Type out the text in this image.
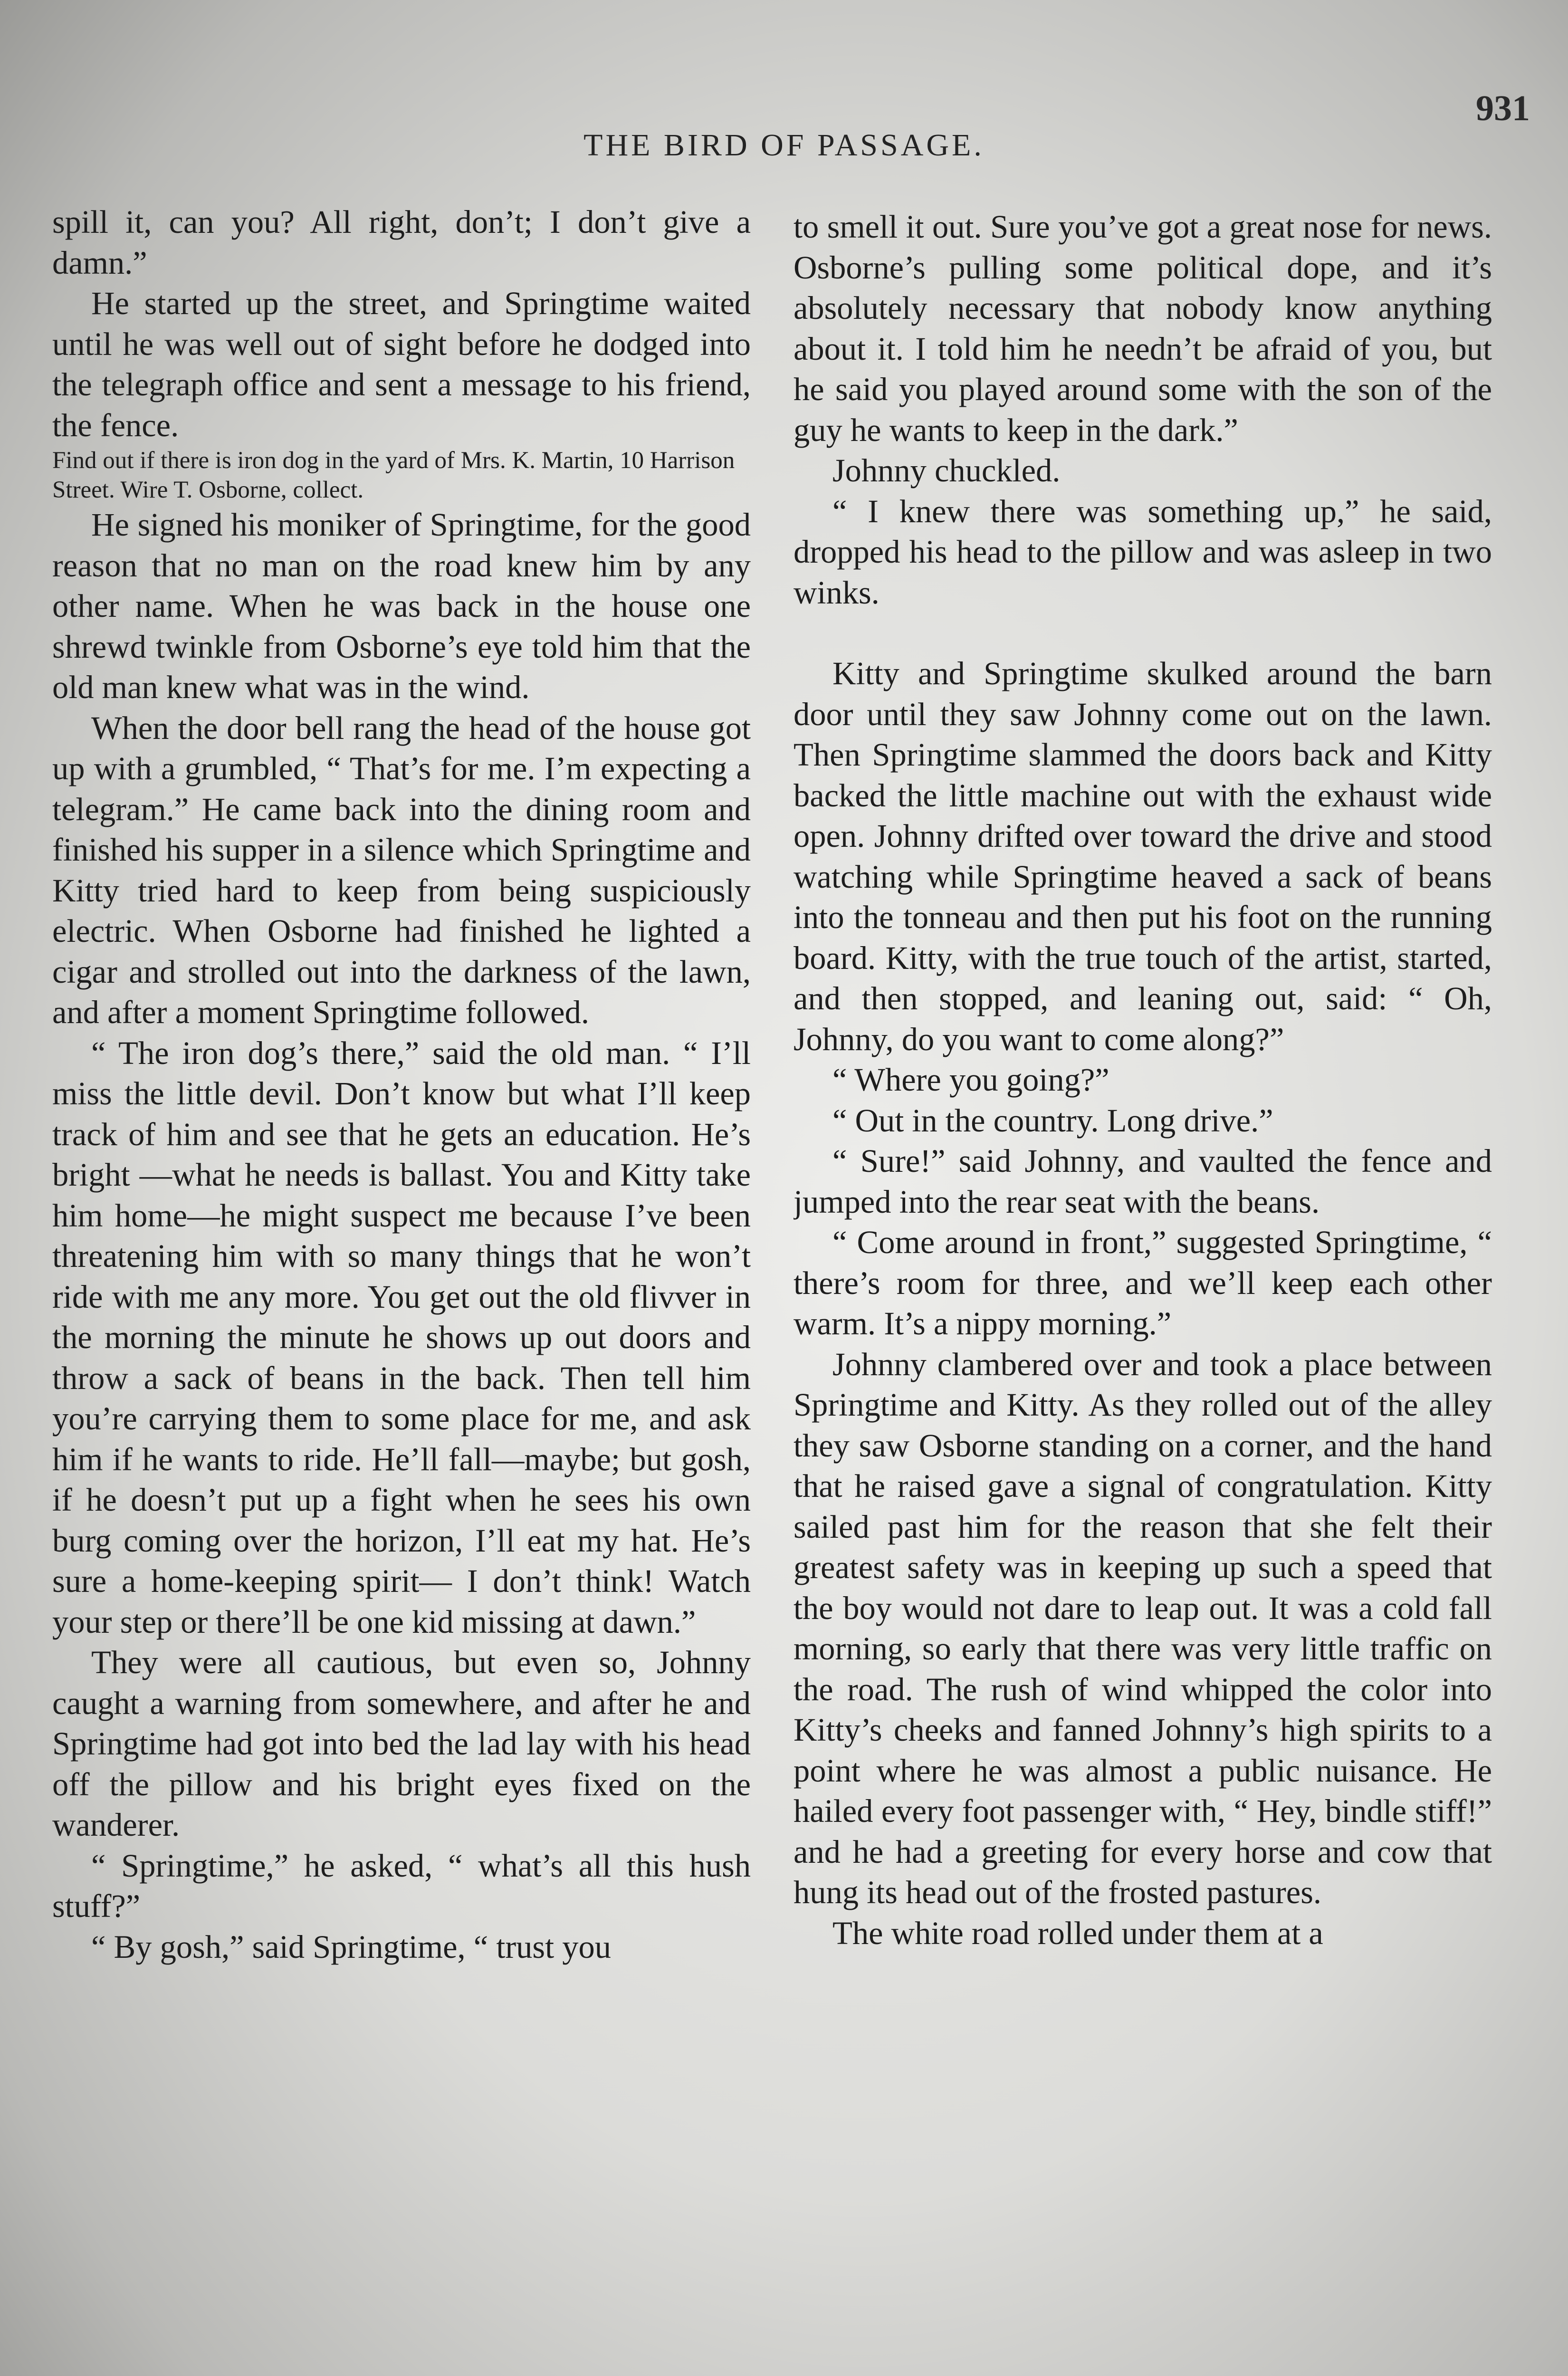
931
THE BIRD OF PASSAGE.

spill it, can you? All right, don’t; I don’t give a damn.”

He started up the street, and Springtime waited until he was well out of sight before he dodged into the telegraph office and sent a message to his friend, the fence.

Find out if there is iron dog in the yard of Mrs. K. Martin, 10 Harrison Street. Wire T. Osborne, collect.

He signed his moniker of Springtime, for the good reason that no man on the road knew him by any other name. When he was back in the house one shrewd twinkle from Osborne’s eye told him that the old man knew what was in the wind.

When the door bell rang the head of the house got up with a grumbled, “ That’s for me. I’m expecting a telegram.” He came back into the dining room and finished his supper in a silence which Springtime and Kitty tried hard to keep from being suspiciously electric. When Osborne had finished he lighted a cigar and strolled out into the darkness of the lawn, and after a moment Springtime followed.

“ The iron dog’s there,” said the old man. “ I’ll miss the little devil. Don’t know but what I’ll keep track of him and see that he gets an education. He’s bright —what he needs is ballast. You and Kitty take him home—he might suspect me because I’ve been threatening him with so many things that he won’t ride with me any more. You get out the old flivver in the morning the minute he shows up out doors and throw a sack of beans in the back. Then tell him you’re carrying them to some place for me, and ask him if he wants to ride. He’ll fall—maybe; but gosh, if he doesn’t put up a fight when he sees his own burg coming over the horizon, I’ll eat my hat. He’s sure a home-keeping spirit— I don’t think! Watch your step or there’ll be one kid missing at dawn.”

They were all cautious, but even so, Johnny caught a warning from somewhere, and after he and Springtime had got into bed the lad lay with his head off the pillow and his bright eyes fixed on the wanderer.

“ Springtime,” he asked, “ what’s all this hush stuff?”

“ By gosh,” said Springtime, “ trust you

to smell it out. Sure you’ve got a great nose for news. Osborne’s pulling some political dope, and it’s absolutely necessary that nobody know anything about it. I told him he needn’t be afraid of you, but he said you played around some with the son of the guy he wants to keep in the dark.”

Johnny chuckled.

“ I knew there was something up,” he said, dropped his head to the pillow and was asleep in two winks.

Kitty and Springtime skulked around the barn door until they saw Johnny come out on the lawn. Then Springtime slammed the doors back and Kitty backed the little machine out with the exhaust wide open. Johnny drifted over toward the drive and stood watching while Springtime heaved a sack of beans into the tonneau and then put his foot on the running board. Kitty, with the true touch of the artist, started, and then stopped, and leaning out, said: “ Oh, Johnny, do you want to come along?”

“ Where you going?”

“ Out in the country. Long drive.”

“ Sure!” said Johnny, and vaulted the fence and jumped into the rear seat with the beans.

“ Come around in front,” suggested Springtime, “ there’s room for three, and we’ll keep each other warm. It’s a nippy morning.”

Johnny clambered over and took a place between Springtime and Kitty. As they rolled out of the alley they saw Osborne standing on a corner, and the hand that he raised gave a signal of congratulation. Kitty sailed past him for the reason that she felt their greatest safety was in keeping up such a speed that the boy would not dare to leap out. It was a cold fall morning, so early that there was very little traffic on the road. The rush of wind whipped the color into Kitty’s cheeks and fanned Johnny’s high spirits to a point where he was almost a public nuisance. He hailed every foot passenger with, “ Hey, bindle stiff!” and he had a greeting for every horse and cow that hung its head out of the frosted pastures.

The white road rolled under them at a
